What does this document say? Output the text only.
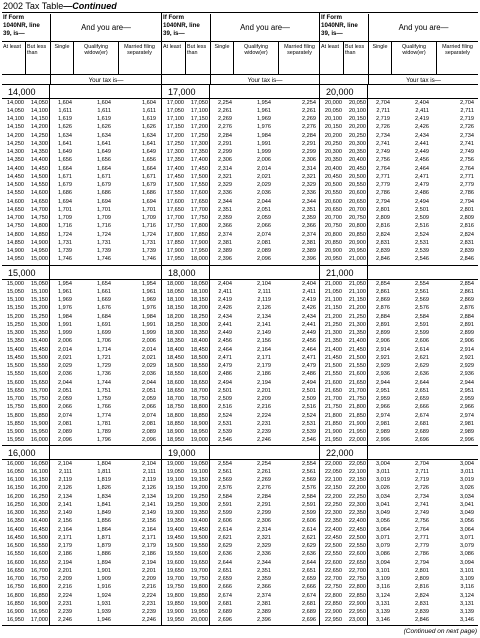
2002 Tax Table—Continued
If Form 1040NR, line 39, is—
And you are—
At least	But less than
Single	Qualifying widow(er)
Married filing separately
Your tax is—
14,000
14,000	14,050	1,604	1,604	1,604
14,050	14,100	1,611	1,611	1,611
14,100	14,150	1,619	1,619	1,619
14,150	14,200	1,626	1,626	1,626
14,200	14,250	1,634	1,634	1,634
14,250	14,300	1,641	1,641	1,641
14,300	14,350	1,649	1,649	1,649
14,350	14,400	1,656	1,656	1,656
14,400	14,450	1,664	1,664	1,664
14,450	14,500	1,671	1,671	1,671
14,500	14,550	1,679	1,679	1,679
14,550	14,600	1,686	1,686	1,686
14,600	14,650	1,694	1,694	1,694
14,650	14,700	1,701	1,701	1,701
14,700	14,750	1,709	1,709	1,709
14,750	14,800	1,716	1,716	1,716
14,800	14,850	1,724	1,724	1,724
14,850	14,900	1,731	1,731	1,731
14,900	14,950	1,739	1,739	1,739
14,950	15,000	1,746	1,746	1,746
15,000
15,000	15,050	1,954	1,654	1,954
15,050	15,100	1,961	1,661	1,961
15,100	15,150	1,969	1,669	1,969
15,150	15,200	1,976	1,676	1,976
15,200	15,250	1,984	1,684	1,984
15,250	15,300	1,991	1,691	1,991
15,300	15,350	1,999	1,699	1,999
15,350	15,400	2,006	1,706	2,006
15,400	15,450	2,014	1,714	2,014
15,450	15,500	2,021	1,721	2,021
15,500	15,550	2,029	1,729	2,029
15,550	15,600	2,036	1,736	2,036
15,600	15,650	2,044	1,744	2,044
15,650	15,700	2,051	1,751	2,051
15,700	15,750	2,059	1,759	2,059
15,750	15,800	2,066	1,766	2,066
15,800	15,850	2,074	1,774	2,074
15,850	15,900	2,081	1,781	2,081
15,900	15,950	2,089	1,789	2,089
15,950	16,000	2,096	1,796	2,096
16,000
16,000	16,050	2,104	1,804	2,104
16,050	16,100	2,111	1,811	2,111
16,100	16,150	2,119	1,819	2,119
16,150	16,200	2,126	1,826	2,126
16,200	16,250	2,134	1,834	2,134
16,250	16,300	2,141	1,841	2,141
16,300	16,350	2,149	1,849	2,149
16,350	16,400	2,156	1,856	2,156
16,400	16,450	2,164	1,864	2,164
16,450	16,500	2,171	1,871	2,171
16,500	16,550	2,179	1,879	2,179
16,550	16,600	2,186	1,886	2,186
16,600	16,650	2,194	1,894	2,194
16,650	16,700	2,201	1,901	2,201
16,700	16,750	2,209	1,909	2,209
16,750	16,800	2,216	1,916	2,216
16,800	16,850	2,224	1,924	2,224
16,850	16,900	2,231	1,931	2,231
16,900	16,950	2,239	1,939	2,239
16,950	17,000	2,246	1,946	2,246
If Form 1040NR, line 39, is—
And you are—
At least	But less than
Single	Qualifying widow(er)
Married filing separately
Your tax is—
17,000
17,000	17,050	2,254	1,954	2,254
17,050	17,100	2,261	1,961	2,261
17,100	17,150	2,269	1,969	2,269
17,150	17,200	2,276	1,976	2,276
17,200	17,250	2,284	1,984	2,284
17,250	17,300	2,291	1,991	2,291
17,300	17,350	2,299	1,999	2,299
17,350	17,400	2,306	2,006	2,306
17,400	17,450	2,314	2,014	2,314
17,450	17,500	2,321	2,021	2,321
17,500	17,550	2,329	2,029	2,329
17,550	17,600	2,336	2,036	2,336
17,600	17,650	2,344	2,044	2,344
17,650	17,700	2,351	2,051	2,351
17,700	17,750	2,359	2,059	2,359
17,750	17,800	2,366	2,066	2,366
17,800	17,850	2,374	2,074	2,374
17,850	17,900	2,381	2,081	2,381
17,900	17,950	2,389	2,089	2,389
17,950	18,000	2,396	2,096	2,396
18,000
18,000	18,050	2,404	2,104	2,404
18,050	18,100	2,411	2,111	2,411
18,100	18,150	2,419	2,119	2,419
18,150	18,200	2,426	2,126	2,426
18,200	18,250	2,434	2,134	2,434
18,250	18,300	2,441	2,141	2,441
18,300	18,350	2,449	2,149	2,449
18,350	18,400	2,456	2,156	2,456
18,400	18,450	2,464	2,164	2,464
18,450	18,500	2,471	2,171	2,471
18,500	18,550	2,479	2,179	2,479
18,550	18,600	2,486	2,186	2,486
18,600	18,650	2,494	2,194	2,494
18,650	18,700	2,501	2,201	2,501
18,700	18,750	2,509	2,209	2,509
18,750	18,800	2,516	2,216	2,516
18,800	18,850	2,524	2,224	2,524
18,850	18,900	2,531	2,231	2,531
18,900	18,950	2,539	2,239	2,539
18,950	19,000	2,546	2,246	2,546
19,000
19,000	19,050	2,554	2,254	2,554
19,050	19,100	2,561	2,261	2,561
19,100	19,150	2,569	2,269	2,569
19,150	19,200	2,576	2,276	2,576
19,200	19,250	2,584	2,284	2,584
19,250	19,300	2,591	2,291	2,591
19,300	19,350	2,599	2,299	2,599
19,350	19,400	2,606	2,306	2,606
19,400	19,450	2,614	2,314	2,614
19,450	19,500	2,621	2,321	2,621
19,500	19,550	2,629	2,329	2,629
19,550	19,600	2,636	2,336	2,636
19,600	19,650	2,644	2,344	2,644
19,650	19,700	2,651	2,351	2,651
19,700	19,750	2,659	2,359	2,659
19,750	19,800	2,666	2,366	2,666
19,800	19,850	2,674	2,374	2,674
19,850	19,900	2,681	2,381	2,681
19,900	19,950	2,689	2,389	2,689
19,950	20,000	2,696	2,396	2,696
If Form 1040NR, line 39, is—
And you are—
At least	But less than
Single	Qualifying widow(er)
Married filing separately
Your tax is—
20,000
20,000	20,050	2,704	2,404	2,704
20,050	20,100	2,711	2,411	2,711
20,100	20,150	2,719	2,419	2,719
20,150	20,200	2,726	2,426	2,726
20,200	20,250	2,734	2,434	2,734
20,250	20,300	2,741	2,441	2,741
20,300	20,350	2,749	2,449	2,749
20,350	20,400	2,756	2,456	2,756
20,400	20,450	2,764	2,464	2,764
20,450	20,500	2,771	2,471	2,771
20,500	20,550	2,779	2,479	2,779
20,550	20,600	2,786	2,486	2,786
20,600	20,650	2,794	2,494	2,794
20,650	20,700	2,801	2,501	2,801
20,700	20,750	2,809	2,509	2,809
20,750	20,800	2,816	2,516	2,816
20,800	20,850	2,824	2,524	2,824
20,850	20,900	2,831	2,531	2,831
20,900	20,950	2,839	2,539	2,839
20,950	21,000	2,846	2,546	2,846
21,000
21,000	21,050	2,854	2,554	2,854
21,050	21,100	2,861	2,561	2,861
21,100	21,150	2,869	2,569	2,869
21,150	21,200	2,876	2,576	2,876
21,200	21,250	2,884	2,584	2,884
21,250	21,300	2,891	2,591	2,891
21,300	21,350	2,899	2,599	2,899
21,350	21,400	2,906	2,606	2,906
21,400	21,450	2,914	2,614	2,914
21,450	21,500	2,921	2,621	2,921
21,500	21,550	2,929	2,629	2,929
21,550	21,600	2,936	2,636	2,936
21,600	21,650	2,944	2,644	2,944
21,650	21,700	2,951	2,651	2,951
21,700	21,750	2,959	2,659	2,959
21,750	21,800	2,966	2,666	2,966
21,800	21,850	2,974	2,674	2,974
21,850	21,900	2,981	2,681	2,981
21,900	21,950	2,989	2,689	2,989
21,950	22,000	2,996	2,696	2,996
22,000
22,000	22,050	3,004	2,704	3,004
22,050	22,100	3,011	2,711	3,011
22,100	22,150	3,019	2,719	3,019
22,150	22,200	3,026	2,726	3,026
22,200	22,250	3,034	2,734	3,034
22,250	22,300	3,041	2,741	3,041
22,300	22,350	3,049	2,749	3,049
22,350	22,400	3,056	2,756	3,056
22,400	22,450	3,064	2,764	3,064
22,450	22,500	3,071	2,771	3,071
22,500	22,550	3,079	2,779	3,079
22,550	22,600	3,086	2,786	3,086
22,600	22,650	3,094	2,794	3,094
22,650	22,700	3,101	2,801	3,101
22,700	22,750	3,109	2,809	3,109
22,750	22,800	3,116	2,816	3,116
22,800	22,850	3,124	2,824	3,124
22,850	22,900	3,131	2,831	3,131
22,900	22,950	3,139	2,839	3,139
22,950	23,000	3,146	2,846	3,146
(Continued on next page)
